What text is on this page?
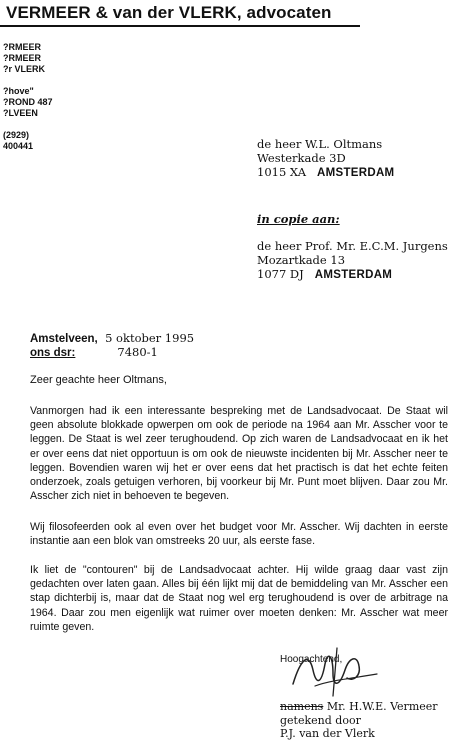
VERMEER & van der VLERK, advocaten
?RMEER
?RMEER
?r VLERK
?hove"
?ROND 487
?LVEEN
(2929)
400441	de heer W.L. Oltmans
Westerkade 3D
1015 XA AMSTERDAM
in copie aan:
de heer Prof. Mr. E.C.M. Jurgens
Mozartkade 13
1077 DJ AMSTERDAM
Amstelveen, 5 oktober 1995
ons dsr:	7480-1
Zeer geachte heer Oltmans,
Vanmorgen had ik een interessante bespreking met de Landsadvocaat. De Staat wil geen absolute blokkade opwerpen om ook de periode na 1964 aan Mr. Asscher voor te leggen. De Staat is wel zeer terughoudend. Op zich waren de Landsadvocaat en ik het er over eens dat niet opportuun is om ook de nieuwste incidenten bij Mr. Asscher neer te leggen. Bovendien waren wij het er over eens dat het practisch is dat het echte feiten onderzoek, zoals getuigen verhoren, bij voorkeur bij Mr. Punt moet blijven. Daar zou Mr. Asscher zich niet in behoeven te begeven.
Wij filosofeerden ook al even over het budget voor Mr. Asscher. Wij dachten in eerste instantie aan een blok van omstreeks 20 uur, als eerste fase.
Ik liet de "contouren" bij de Landsadvocaat achter. Hij wilde graag daar vast zijn gedachten over laten gaan. Alles bij één lijkt mij dat de bemiddeling van Mr. Asscher een stap dichterbij is, maar dat de Staat nog wel erg terughoudend is over de arbitrage na 1964. Daar zou men eigenlijk wat ruimer over moeten denken: Mr. Asscher wat meer ruimte geven.
Hoogachtend,
namens Mr. H.W.E. Vermeer
getekend door
P.J. van der Vlerk
